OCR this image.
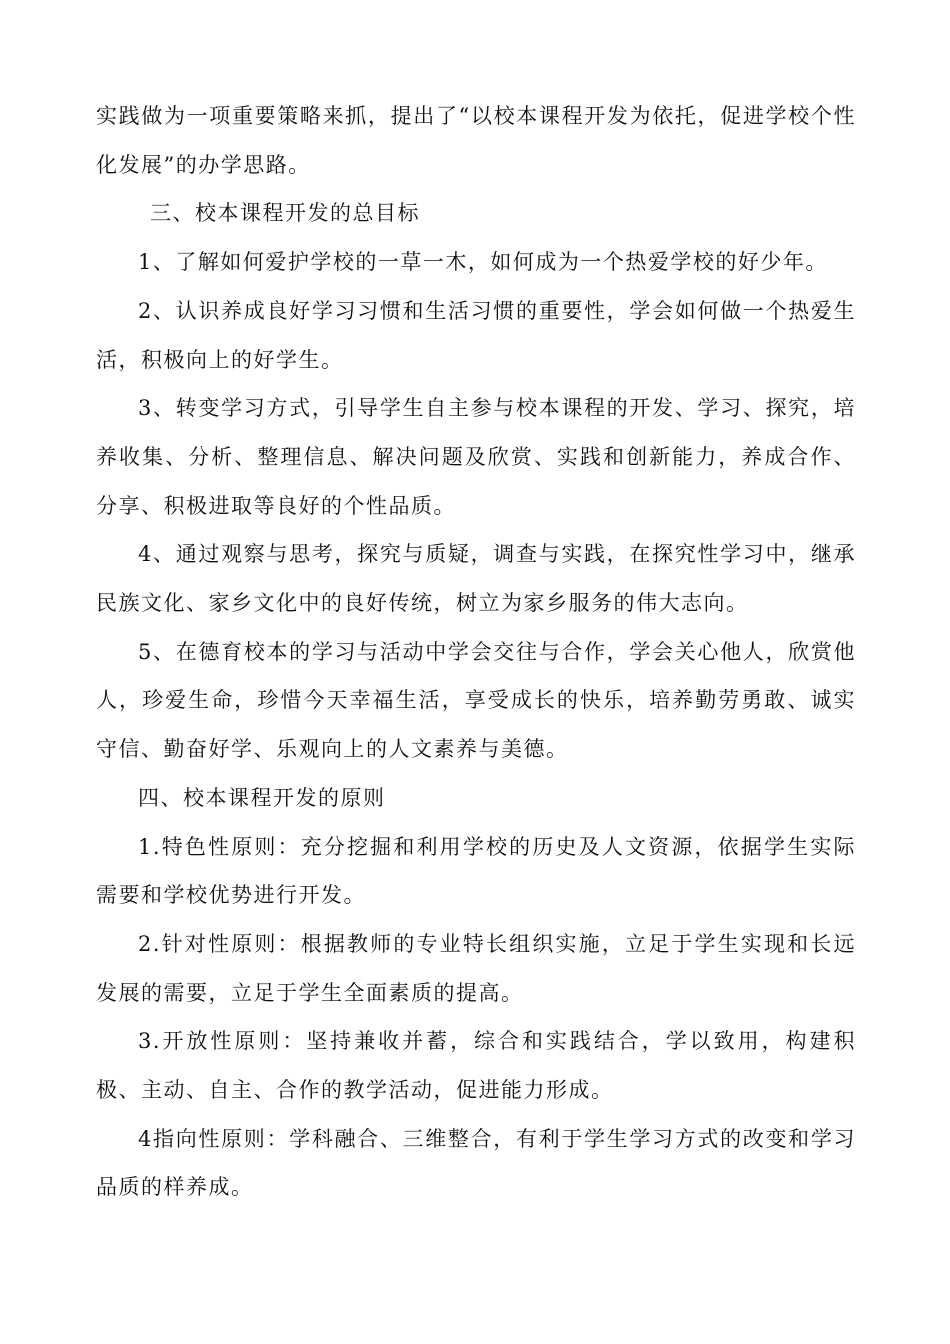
实践做为一项重要策略来抓，提出了“以校本课程开发为依托，促进学校个性化发展”的办学思路。

三、校本课程开发的总目标

1、了解如何爱护学校的一草一木，如何成为一个热爱学校的好少年。

2、认识养成良好学习习惯和生活习惯的重要性，学会如何做一个热爱生活，积极向上的好学生。

3、转变学习方式，引导学生自主参与校本课程的开发、学习、探究，培养收集、分析、整理信息、解决问题及欣赏、实践和创新能力，养成合作、分享、积极进取等良好的个性品质。

4、通过观察与思考，探究与质疑，调查与实践，在探究性学习中，继承民族文化、家乡文化中的良好传统，树立为家乡服务的伟大志向。

5、在德育校本的学习与活动中学会交往与合作，学会关心他人，欣赏他人，珍爱生命，珍惜今天幸福生活，享受成长的快乐，培养勤劳勇敢、诚实守信、勤奋好学、乐观向上的人文素养与美德。

四、校本课程开发的原则

1.特色性原则：充分挖掘和利用学校的历史及人文资源，依据学生实际需要和学校优势进行开发。

2.针对性原则：根据教师的专业特长组织实施，立足于学生实现和长远发展的需要，立足于学生全面素质的提高。

3.开放性原则：坚持兼收并蓄，综合和实践结合，学以致用，构建积极、主动、自主、合作的教学活动，促进能力形成。

4指向性原则：学科融合、三维整合，有利于学生学习方式的改变和学习品质的样养成。
